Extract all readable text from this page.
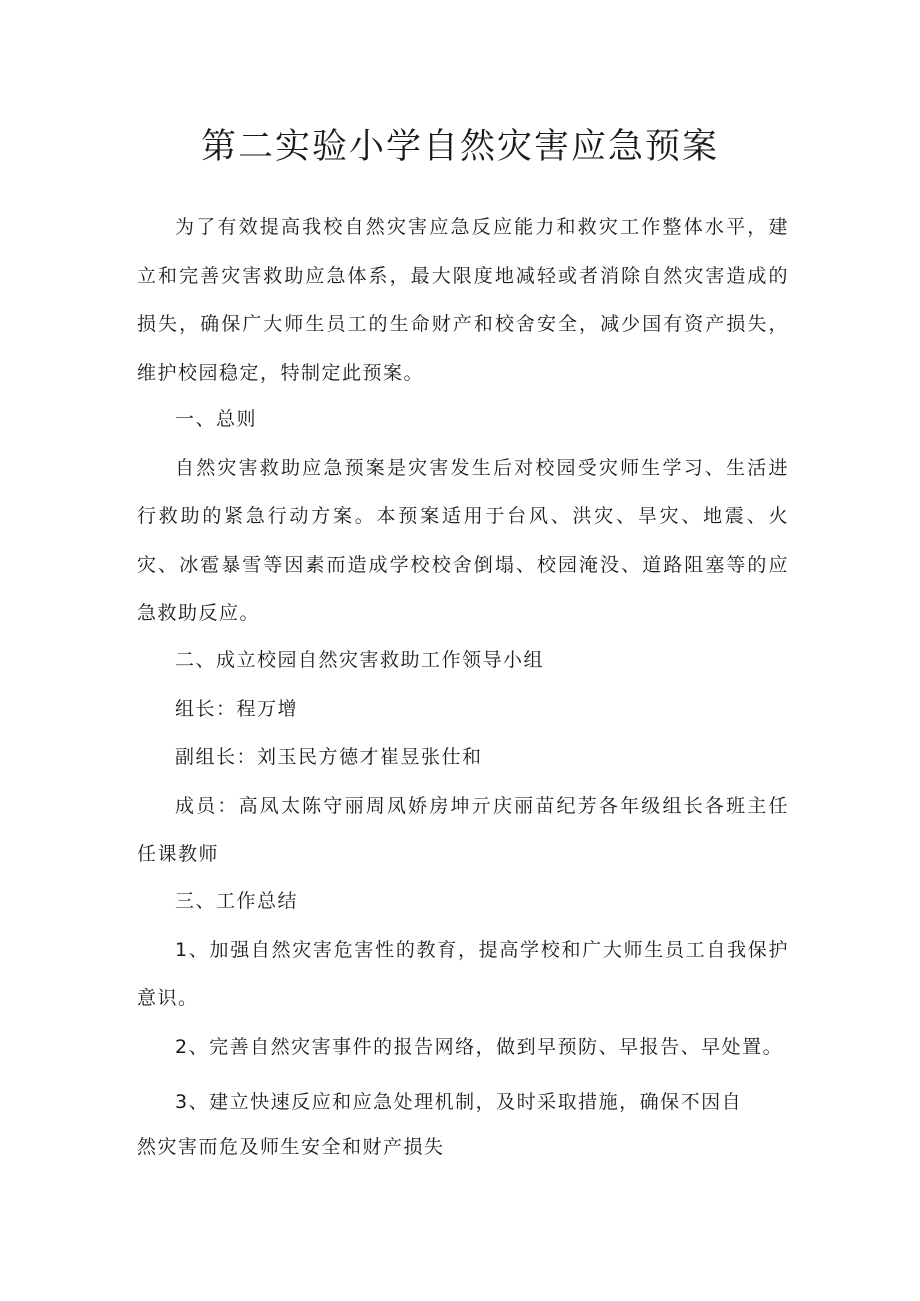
第二实验小学自然灾害应急预案

为了有效提高我校自然灾害应急反应能力和救灾工作整体水平，建立和完善灾害救助应急体系，最大限度地减轻或者消除自然灾害造成的损失，确保广大师生员工的生命财产和校舍安全，减少国有资产损失，维护校园稳定，特制定此预案。

一、总则

自然灾害救助应急预案是灾害发生后对校园受灾师生学习、生活进行救助的紧急行动方案。本预案适用于台风、洪灾、旱灾、地震、火灾、冰雹暴雪等因素而造成学校校舍倒塌、校园淹没、道路阻塞等的应急救助反应。

二、成立校园自然灾害救助工作领导小组

组长：程万增

副组长：刘玉民方德才崔昱张仕和

成员：高凤太陈守丽周凤娇房坤亓庆丽苗纪芳各年级组长各班主任任课教师

三、工作总结

1、加强自然灾害危害性的教育，提高学校和广大师生员工自我保护意识。

2、完善自然灾害事件的报告网络，做到早预防、早报告、早处置。

3、建立快速反应和应急处理机制，及时采取措施，确保不因自

然灾害而危及师生安全和财产损失
